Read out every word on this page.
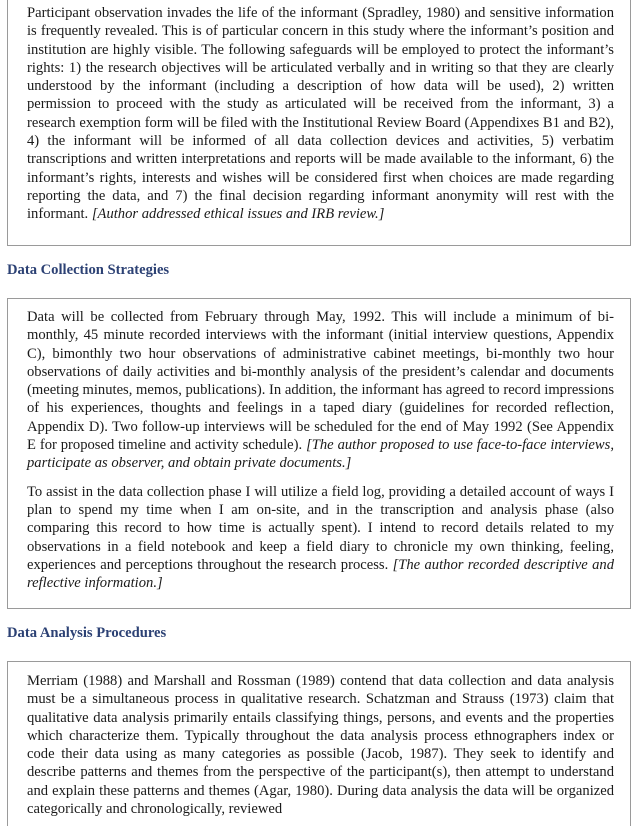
Participant observation invades the life of the informant (Spradley, 1980) and sensitive information is frequently revealed. This is of particular concern in this study where the informant’s position and institution are highly visible. The following safeguards will be employed to protect the informant’s rights: 1) the research objectives will be articulated verbally and in writing so that they are clearly understood by the informant (including a description of how data will be used), 2) written permission to proceed with the study as articulated will be received from the informant, 3) a research exemption form will be filed with the Institutional Review Board (Appendixes B1 and B2), 4) the informant will be informed of all data collection devices and activities, 5) verbatim transcriptions and written interpretations and reports will be made available to the informant, 6) the informant’s rights, interests and wishes will be considered first when choices are made regarding reporting the data, and 7) the final decision regarding informant anonymity will rest with the informant. [Author addressed ethical issues and IRB review.]

Data Collection Strategies

Data will be collected from February through May, 1992. This will include a minimum of bi-monthly, 45 minute recorded interviews with the informant (initial interview questions, Appendix C), bimonthly two hour observations of administrative cabinet meetings, bi-monthly two hour observations of daily activities and bi-monthly analysis of the president’s calendar and documents (meeting minutes, memos, publications). In addition, the informant has agreed to record impressions of his experiences, thoughts and feelings in a taped diary (guidelines for recorded reflection, Appendix D). Two follow-up interviews will be scheduled for the end of May 1992 (See Appendix E for proposed timeline and activity schedule). [The author proposed to use face-to-face interviews, participate as observer, and obtain private documents.]

To assist in the data collection phase I will utilize a field log, providing a detailed account of ways I plan to spend my time when I am on-site, and in the transcription and analysis phase (also comparing this record to how time is actually spent). I intend to record details related to my observations in a field notebook and keep a field diary to chronicle my own thinking, feeling, experiences and perceptions throughout the research process. [The author recorded descriptive and reflective information.]

Data Analysis Procedures

Merriam (1988) and Marshall and Rossman (1989) contend that data collection and data analysis must be a simultaneous process in qualitative research. Schatzman and Strauss (1973) claim that qualitative data analysis primarily entails classifying things, persons, and events and the properties which characterize them. Typically throughout the data analysis process ethnographers index or code their data using as many categories as possible (Jacob, 1987). They seek to identify and describe patterns and themes from the perspective of the participant(s), then attempt to understand and explain these patterns and themes (Agar, 1980). During data analysis the data will be organized categorically and chronologically, reviewed
